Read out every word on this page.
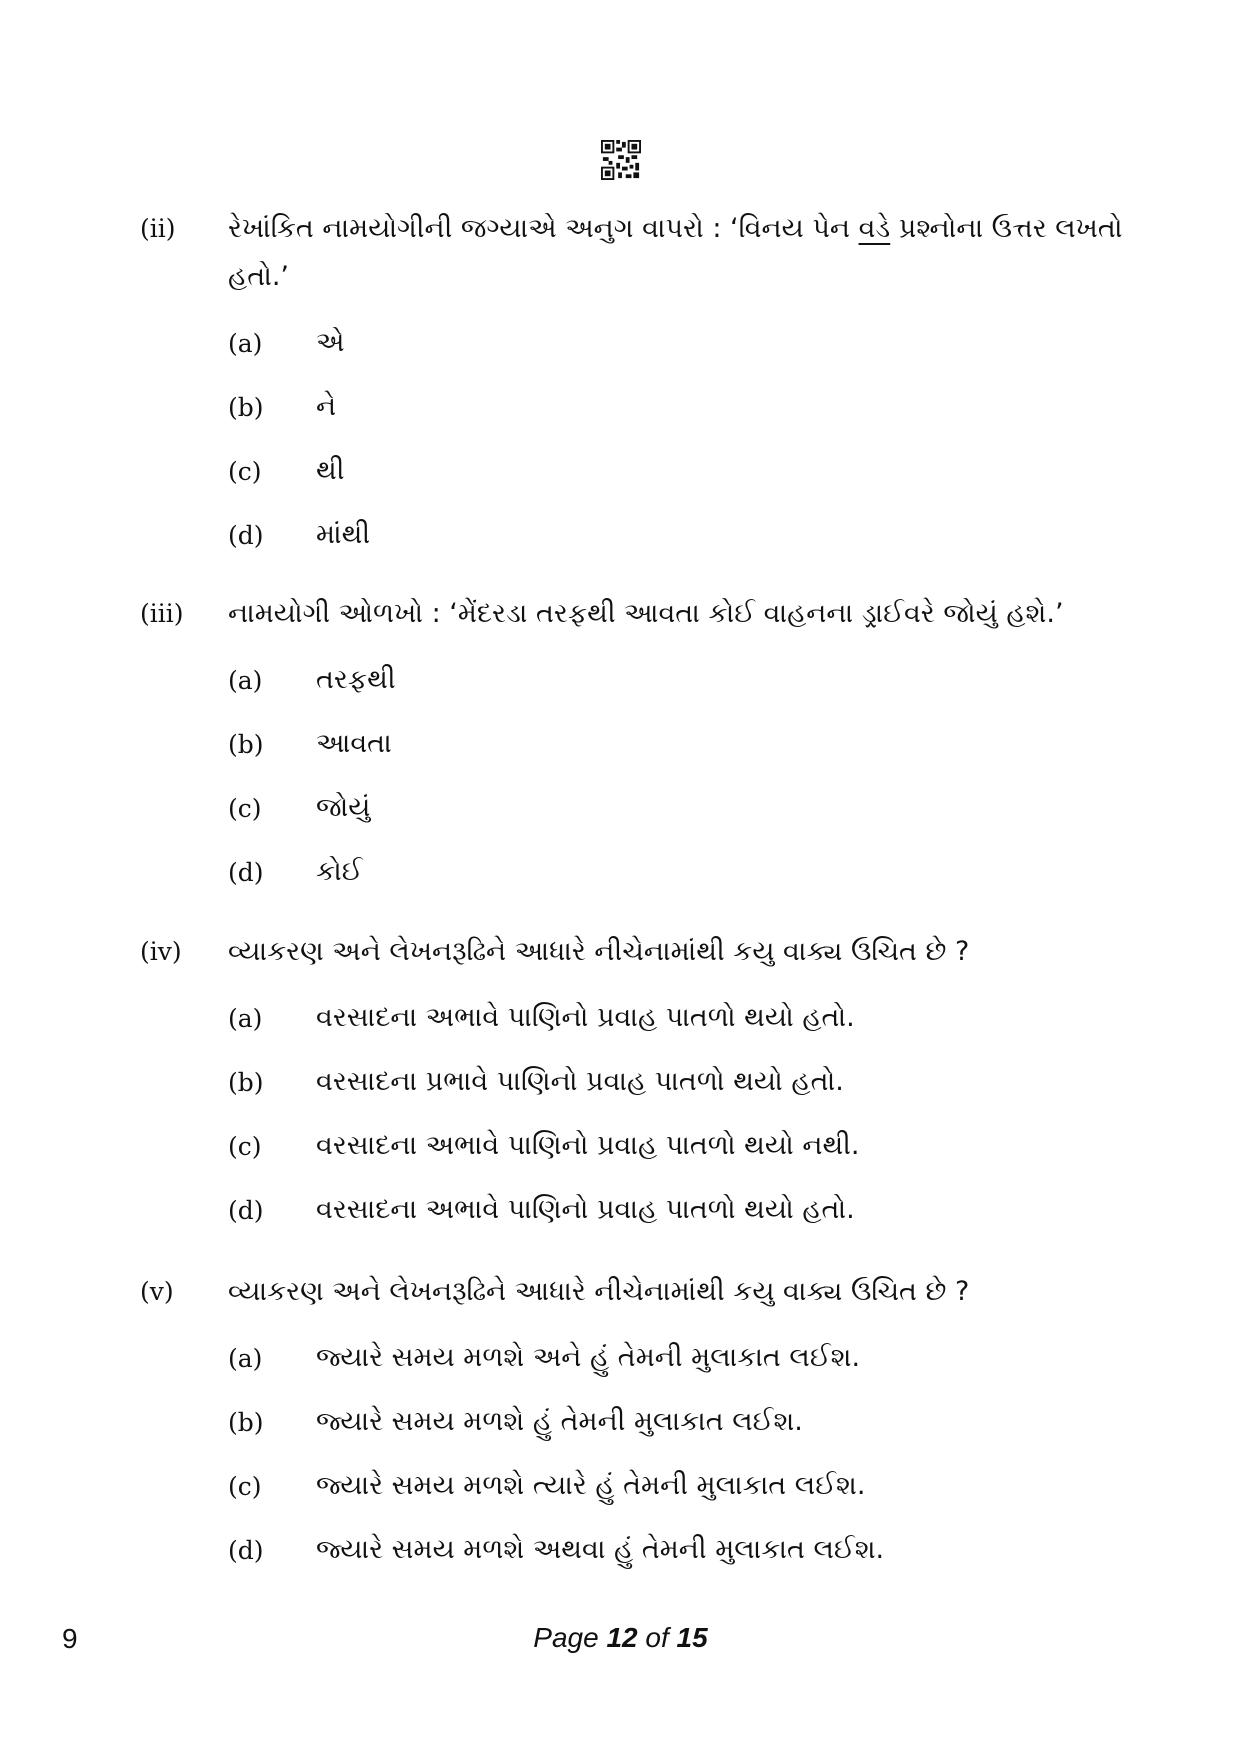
(ii)	રેખાંકિત નામયોગીની જગ્યાએ અનુગ વાપરો : ‘વિનય પેન વડે પ્રશ્નોના ઉત્તર લખતો હતો.’
(a)	એ
(b)	ને
(c)	થી
(d)	માંથી
(iii)	નામયોગી ઓળખો : ‘મેંદરડા તરફથી આવતા કોઈ વાહનના ડ્રાઈવરે જોયું હશે.’
(a)	તરફથી
(b)	આવતા
(c)	જોયું
(d)	કોઈ
(iv)	વ્યાકરણ અને લેખનરૂઢિને આધારે નીચેનામાંથી કયુ વાક્ય ઉચિત છે ?
(a)	વરસાદના અભાવે પાણિનો પ્રવાહ પાતળો થયો હતો.
(b)	વરસાદના પ્રભાવે પાણિનો પ્રવાહ પાતળો થયો હતો.
(c)	વરસાદના અભાવે પાણિનો પ્રવાહ પાતળો થયો નથી.
(d)	વરસાદના અભાવે પાણિનો પ્રવાહ પાતળો થયો હતો.
(v)	વ્યાકરણ અને લેખનરૂઢિને આધારે નીચેનામાંથી કયુ વાક્ય ઉચિત છે ?
(a)	જ્યારે સમય મળશે અને હું તેમની મુલાકાત લઈશ.
(b)	જ્યારે સમય મળશે હું તેમની મુલાકાત લઈશ.
(c)	જ્યારે સમય મળશે ત્યારે હું તેમની મુલાકાત લઈશ.
(d)	જ્યારે સમય મળશે અથવા હું તેમની મુલાકાત લઈશ.
9	Page 12 of 15
